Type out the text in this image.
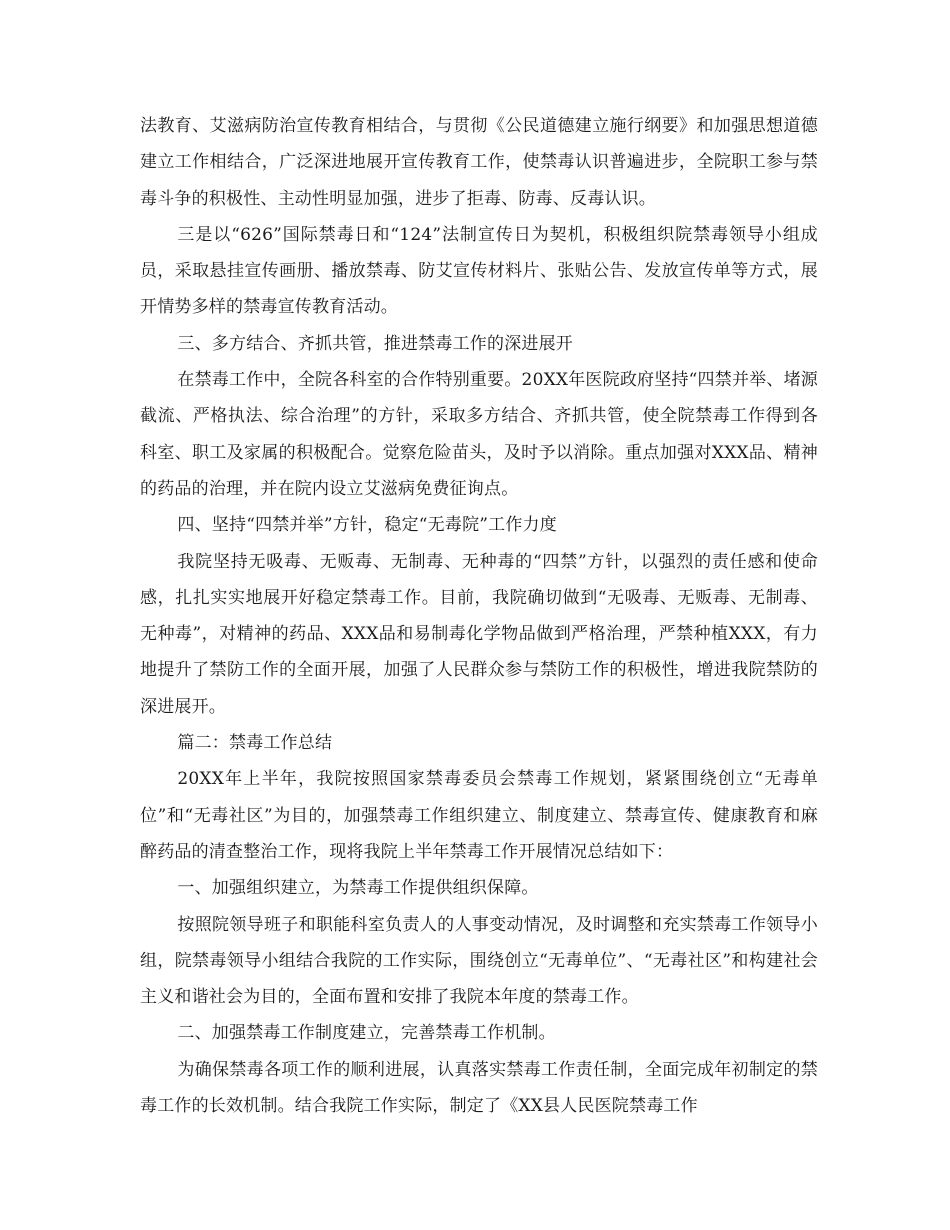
法教育、艾滋病防治宣传教育相结合，与贯彻《公民道德建立施行纲要》和加强思想道德建立工作相结合，广泛深进地展开宣传教育工作，使禁毒认识普遍进步，全院职工参与禁毒斗争的积极性、主动性明显加强，进步了拒毒、防毒、反毒认识。

三是以“626”国际禁毒日和“124”法制宣传日为契机，积极组织院禁毒领导小组成员，采取悬挂宣传画册、播放禁毒、防艾宣传材料片、张贴公告、发放宣传单等方式，展开情势多样的禁毒宣传教育活动。

三、多方结合、齐抓共管，推进禁毒工作的深进展开

在禁毒工作中，全院各科室的合作特别重要。20XX年医院政府坚持“四禁并举、堵源截流、严格执法、综合治理”的方针，采取多方结合、齐抓共管，使全院禁毒工作得到各科室、职工及家属的积极配合。觉察危险苗头，及时予以消除。重点加强对XXX品、精神的药品的治理，并在院内设立艾滋病免费征询点。

四、坚持“四禁并举”方针，稳定“无毒院”工作力度

我院坚持无吸毒、无贩毒、无制毒、无种毒的“四禁”方针，以强烈的责任感和使命感，扎扎实实地展开好稳定禁毒工作。目前，我院确切做到“无吸毒、无贩毒、无制毒、无种毒”，对精神的药品、XXX品和易制毒化学物品做到严格治理，严禁种植XXX，有力地提升了禁防工作的全面开展，加强了人民群众参与禁防工作的积极性，增进我院禁防的深进展开。

篇二：禁毒工作总结

20XX年上半年，我院按照国家禁毒委员会禁毒工作规划，紧紧围绕创立“无毒单位”和“无毒社区”为目的，加强禁毒工作组织建立、制度建立、禁毒宣传、健康教育和麻醉药品的清查整治工作，现将我院上半年禁毒工作开展情况总结如下：

一、加强组织建立，为禁毒工作提供组织保障。

按照院领导班子和职能科室负责人的人事变动情况，及时调整和充实禁毒工作领导小组，院禁毒领导小组结合我院的工作实际，围绕创立“无毒单位”、“无毒社区”和构建社会主义和谐社会为目的，全面布置和安排了我院本年度的禁毒工作。

二、加强禁毒工作制度建立，完善禁毒工作机制。

为确保禁毒各项工作的顺利进展，认真落实禁毒工作责任制，全面完成年初制定的禁毒工作的长效机制。结合我院工作实际，制定了《XX县人民医院禁毒工作
